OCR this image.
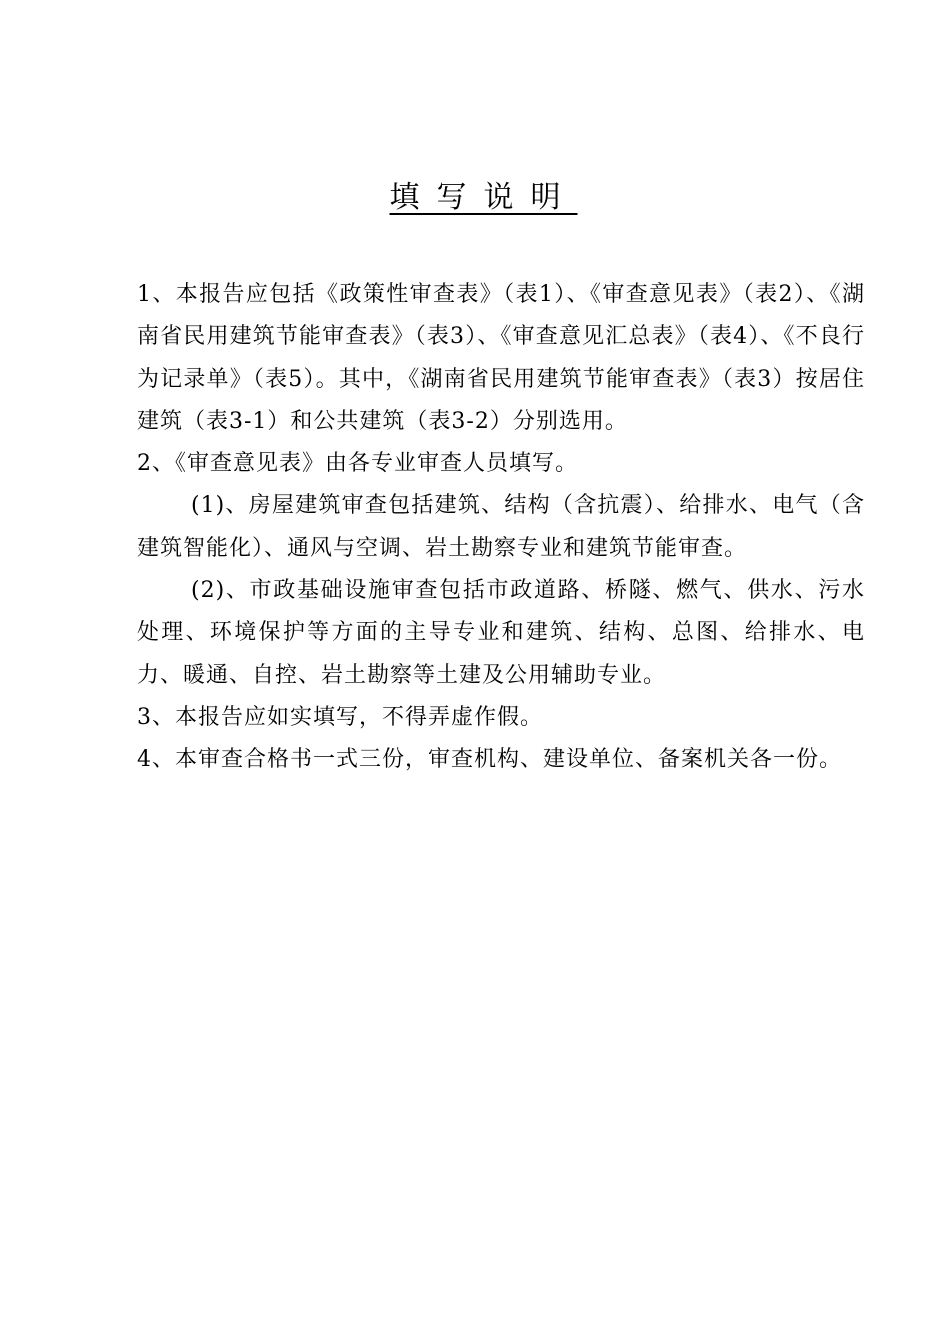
填写说明

1、本报告应包括《政策性审查表》（表1）、《审查意见表》（表2）、《湖南省民用建筑节能审查表》（表3）、《审查意见汇总表》（表4）、《不良行为记录单》（表5）。其中，《湖南省民用建筑节能审查表》（表3）按居住建筑（表3-1）和公共建筑（表3-2）分别选用。

2、《审查意见表》由各专业审查人员填写。

(1)、房屋建筑审查包括建筑、结构（含抗震）、给排水、电气（含建筑智能化）、通风与空调、岩土勘察专业和建筑节能审查。

(2)、市政基础设施审查包括市政道路、桥隧、燃气、供水、污水处理、环境保护等方面的主导专业和建筑、结构、总图、给排水、电力、暖通、自控、岩土勘察等土建及公用辅助专业。

3、本报告应如实填写，不得弄虚作假。

4、本审查合格书一式三份，审查机构、建设单位、备案机关各一份。
